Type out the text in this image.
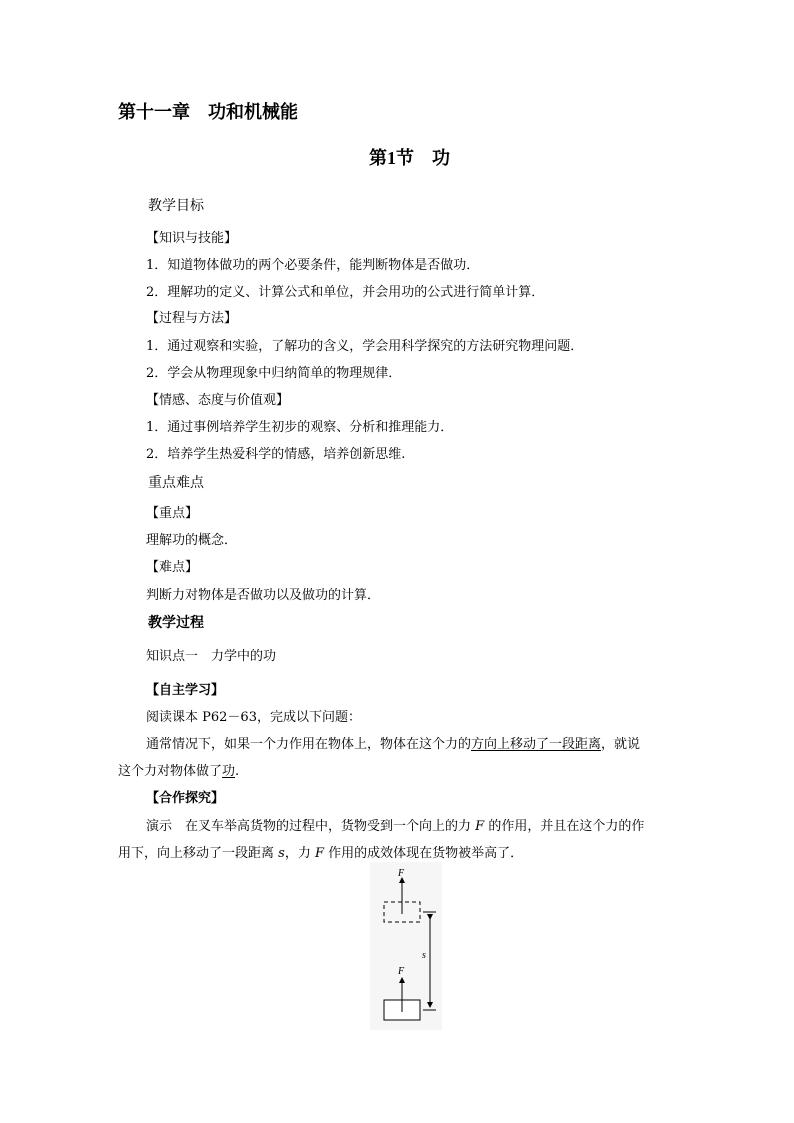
第十一章　功和机械能
第1节　功
教学目标
【知识与技能】
1．知道物体做功的两个必要条件，能判断物体是否做功．
2．理解功的定义、计算公式和单位，并会用功的公式进行简单计算．
【过程与方法】
1．通过观察和实验，了解功的含义，学会用科学探究的方法研究物理问题．
2．学会从物理现象中归纳简单的物理规律．
【情感、态度与价值观】
1．通过事例培养学生初步的观察、分析和推理能力．
2．培养学生热爱科学的情感，培养创新思维.
重点难点
【重点】
理解功的概念．
【难点】
判断力对物体是否做功以及做功的计算．
教学过程
知识点一　力学中的功
【自主学习】
阅读课本 P62－63，完成以下问题：
通常情况下，如果一个力作用在物体上，物体在这个力的方向上移动了一段距离，就说
这个力对物体做了功.
【合作探究】
演示 在叉车举高货物的过程中，货物受到一个向上的力 F 的作用，并且在这个力的作
用下，向上移动了一段距离 s，力 F 作用的成效体现在货物被举高了．
F
F
s
